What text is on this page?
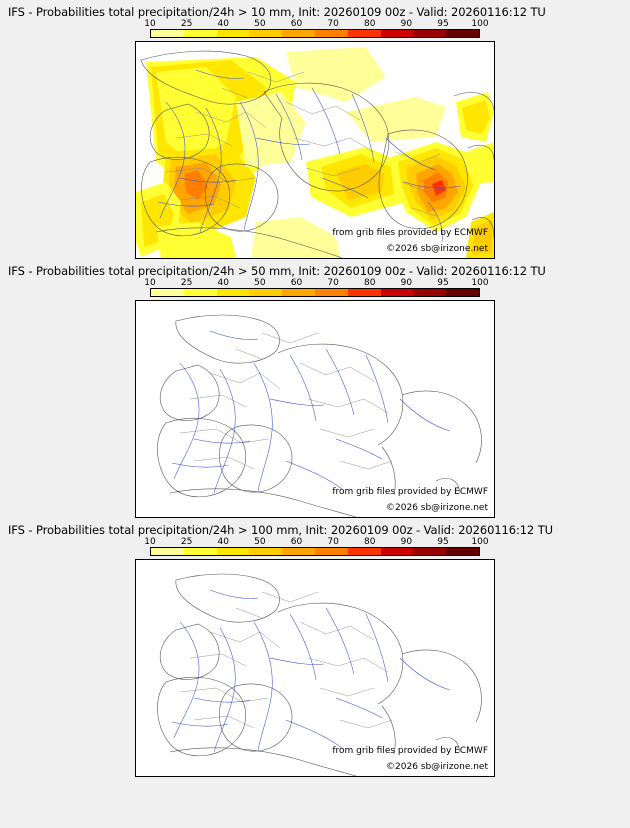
IFS - Probabilities total precipitation/24h > 10 mm, Init: 20260109 00z - Valid: 20260116:12 TU
10	25	40	50	60	70	80	90	95	100
from grib files provided by ECMWF
©2026 sb@irizone.net
IFS - Probabilities total precipitation/24h > 50 mm, Init: 20260109 00z - Valid: 20260116:12 TU
10	25	40	50	60	70	80	90	95	100
from grib files provided by ECMWF
©2026 sb@irizone.net
IFS - Probabilities total precipitation/24h > 100 mm, Init: 20260109 00z - Valid: 20260116:12 TU
10	25	40	50	60	70	80	90	95	100
from grib files provided by ECMWF
©2026 sb@irizone.net
